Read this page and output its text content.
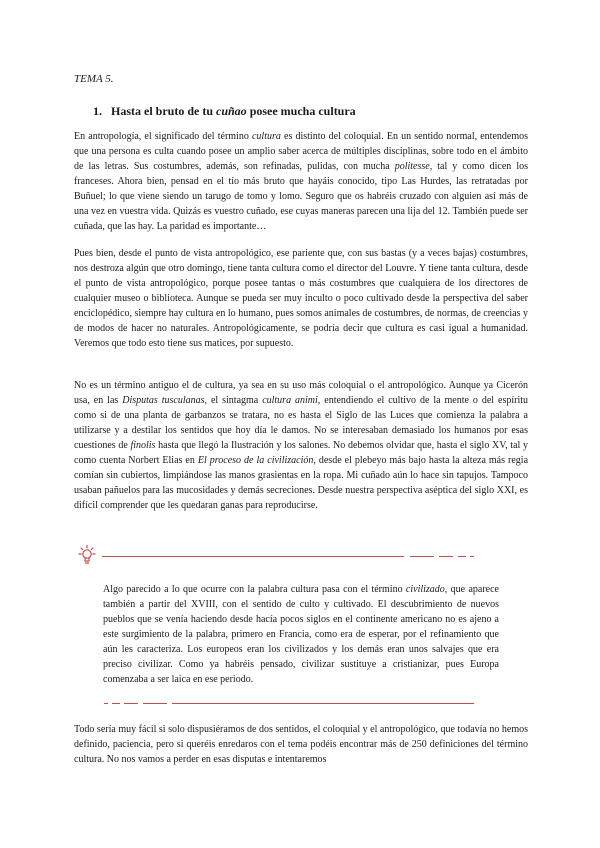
TEMA 5.
1. Hasta el bruto de tu cuñao posee mucha cultura

En antropología, el significado del término cultura es distinto del coloquial. En un sentido normal, entendemos que una persona es culta cuando posee un amplio saber acerca de múltiples disciplinas, sobre todo en el ámbito de las letras. Sus costumbres, además, son refinadas, pulidas, con mucha politesse, tal y como dicen los franceses. Ahora bien, pensad en el tío más bruto que hayáis conocido, tipo Las Hurdes, las retratadas por Buñuel; lo que viene siendo un tarugo de tomo y lomo. Seguro que os habréis cruzado con alguien así más de una vez en vuestra vida. Quizás es vuestro cuñado, ese cuyas maneras parecen una lija del 12. También puede ser cuñada, que las hay. La paridad es importante…

Pues bien, desde el punto de vista antropológico, ese pariente que, con sus bastas (y a veces bajas) costumbres, nos destroza algún que otro domingo, tiene tanta cultura como el director del Louvre. Y tiene tanta cultura, desde el punto de vista antropológico, porque posee tantas o más costumbres que cualquiera de los directores de cualquier museo o biblioteca. Aunque se pueda ser muy inculto o poco cultivado desde la perspectiva del saber enciclopédico, siempre hay cultura en lo humano, pues somos animales de costumbres, de normas, de creencias y de modos de hacer no naturales. Antropológicamente, se podría decir que cultura es casi igual a humanidad. Veremos que todo esto tiene sus matices, por supuesto.

No es un término antiguo el de cultura, ya sea en su uso más coloquial o el antropológico. Aunque ya Cicerón usa, en las Disputas tusculanas, el sintagma cultura animi, entendiendo el cultivo de la mente o del espíritu como si de una planta de garbanzos se tratara, no es hasta el Siglo de las Luces que comienza la palabra a utilizarse y a destilar los sentidos que hoy día le damos. No se interesaban demasiado los humanos por esas cuestiones de finolis hasta que llegó la Ilustración y los salones. No debemos olvidar que, hasta el siglo XV, tal y como cuenta Norbert Elias en El proceso de la civilización, desde el plebeyo más bajo hasta la alteza más regia comían sin cubiertos, limpiándose las manos grasientas en la ropa. Mi cuñado aún lo hace sin tapujos. Tampoco usaban pañuelos para las mucosidades y demás secreciones. Desde nuestra perspectiva aséptica del siglo XXI, es difícil comprender que les quedaran ganas para reproducirse.

Algo parecido a lo que ocurre con la palabra cultura pasa con el término civilizado, que aparece también a partir del XVIII, con el sentido de culto y cultivado. El descubrimiento de nuevos pueblos que se venía haciendo desde hacía pocos siglos en el continente americano no es ajeno a este surgimiento de la palabra, primero en Francia, como era de esperar, por el refinamiento que aún les caracteriza. Los europeos eran los civilizados y los demás eran unos salvajes que era preciso civilizar. Como ya habréis pensado, civilizar sustituye a cristianizar, pues Europa comenzaba a ser laica en ese periodo.

Todo sería muy fácil si solo dispusiéramos de dos sentidos, el coloquial y el antropológico, que todavía no hemos definido, paciencia, pero si queréis enredaros con el tema podéis encontrar más de 250 definiciones del término cultura. No nos vamos a perder en esas disputas e intentaremos
